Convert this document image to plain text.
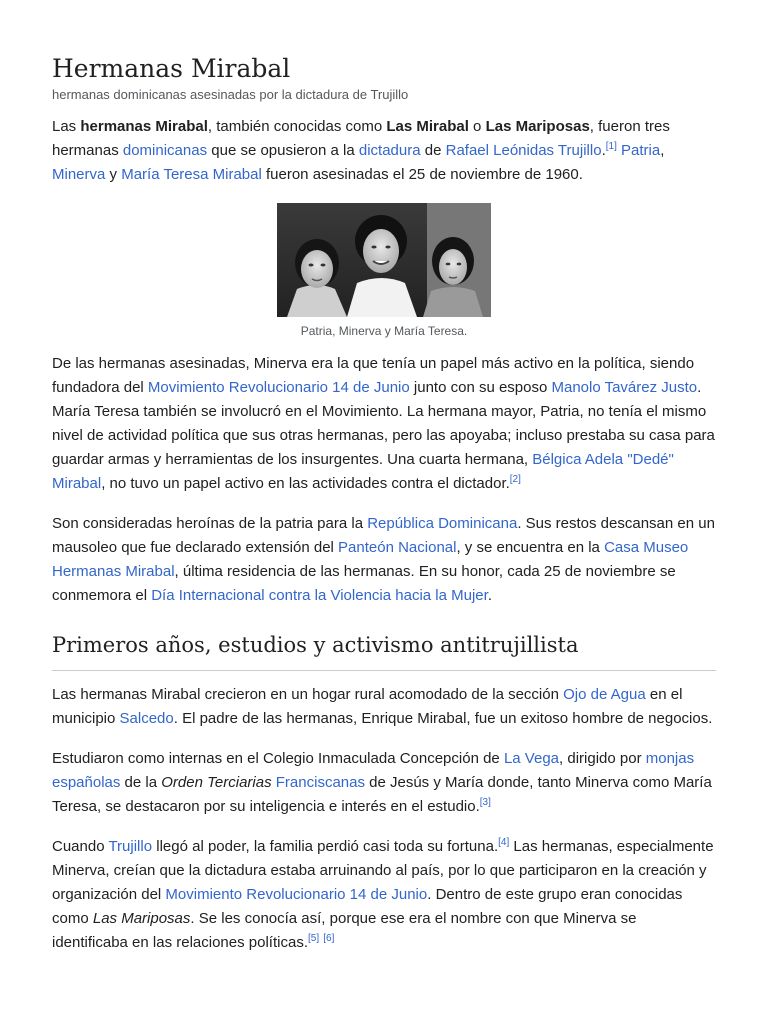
Hermanas Mirabal
hermanas dominicanas asesinadas por la dictadura de Trujillo

Las hermanas Mirabal, también conocidas como Las Mirabal o Las Mariposas, fueron tres hermanas dominicanas que se opusieron a la dictadura de Rafael Leónidas Trujillo.[1] Patria, Minerva y María Teresa Mirabal fueron asesinadas el 25 de noviembre de 1960.

Patria, Minerva y María Teresa.

De las hermanas asesinadas, Minerva era la que tenía un papel más activo en la política, siendo fundadora del Movimiento Revolucionario 14 de Junio junto con su esposo Manolo Tavárez Justo. María Teresa también se involucró en el Movimiento. La hermana mayor, Patria, no tenía el mismo nivel de actividad política que sus otras hermanas, pero las apoyaba; incluso prestaba su casa para guardar armas y herramientas de los insurgentes. Una cuarta hermana, Bélgica Adela "Dedé" Mirabal, no tuvo un papel activo en las actividades contra el dictador.[2]

Son consideradas heroínas de la patria para la República Dominicana. Sus restos descansan en un mausoleo que fue declarado extensión del Panteón Nacional, y se encuentra en la Casa Museo Hermanas Mirabal, última residencia de las hermanas. En su honor, cada 25 de noviembre se conmemora el Día Internacional contra la Violencia hacia la Mujer.

Primeros años, estudios y activismo antitrujillista

Las hermanas Mirabal crecieron en un hogar rural acomodado de la sección Ojo de Agua en el municipio Salcedo. El padre de las hermanas, Enrique Mirabal, fue un exitoso hombre de negocios.

Estudiaron como internas en el Colegio Inmaculada Concepción de La Vega, dirigido por monjas españolas de la Orden Terciarias Franciscanas de Jesús y María donde, tanto Minerva como María Teresa, se destacaron por su inteligencia e interés en el estudio.[3]

Cuando Trujillo llegó al poder, la familia perdió casi toda su fortuna.[4] Las hermanas, especialmente Minerva, creían que la dictadura estaba arruinando al país, por lo que participaron en la creación y organización del Movimiento Revolucionario 14 de Junio. Dentro de este grupo eran conocidas como Las Mariposas. Se les conocía así, porque ese era el nombre con que Minerva se identificaba en las relaciones políticas.[5] [6]
